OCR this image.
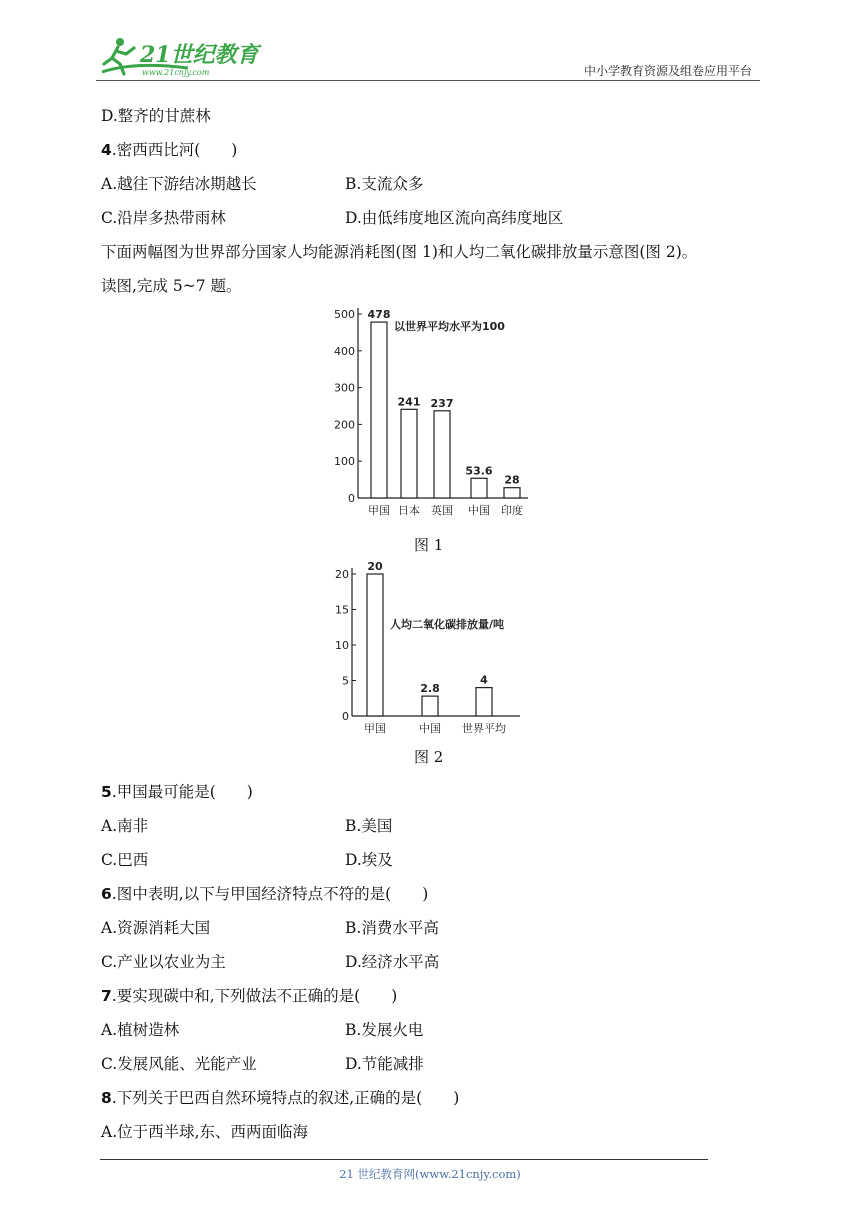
21世纪教育
www.21cnjy.com	中小学教育资源及组卷应用平台
D.整齐的甘蔗林
4.密西西比河(　　)
A.越往下游结冰期越长	B.支流众多
C.沿岸多热带雨林	D.由低纬度地区流向高纬度地区
下面两幅图为世界部分国家人均能源消耗图(图 1)和人均二氧化碳排放量示意图(图 2)。
读图,完成 5~7 题。
0
100
200
300
400
500 478
甲国
241
日本
237
英国
53.6
中国
28
印度
以世界平均水平为100
图 1
0
5
10
15
20
20
甲国
2.8
中国
4
世界平均
人均二氧化碳排放量/吨
图 2
5.甲国最可能是(　　)
A.南非	B.美国
C.巴西	D.埃及
6.图中表明,以下与甲国经济特点不符的是(　　)
A.资源消耗大国	B.消费水平高
C.产业以农业为主	D.经济水平高
7.要实现碳中和,下列做法不正确的是(　　)
A.植树造林	B.发展火电
C.发展风能、光能产业	D.节能减排
8.下列关于巴西自然环境特点的叙述,正确的是(　　)
A.位于西半球,东、西两面临海
21 世纪教育网(www.21cnjy.com)
